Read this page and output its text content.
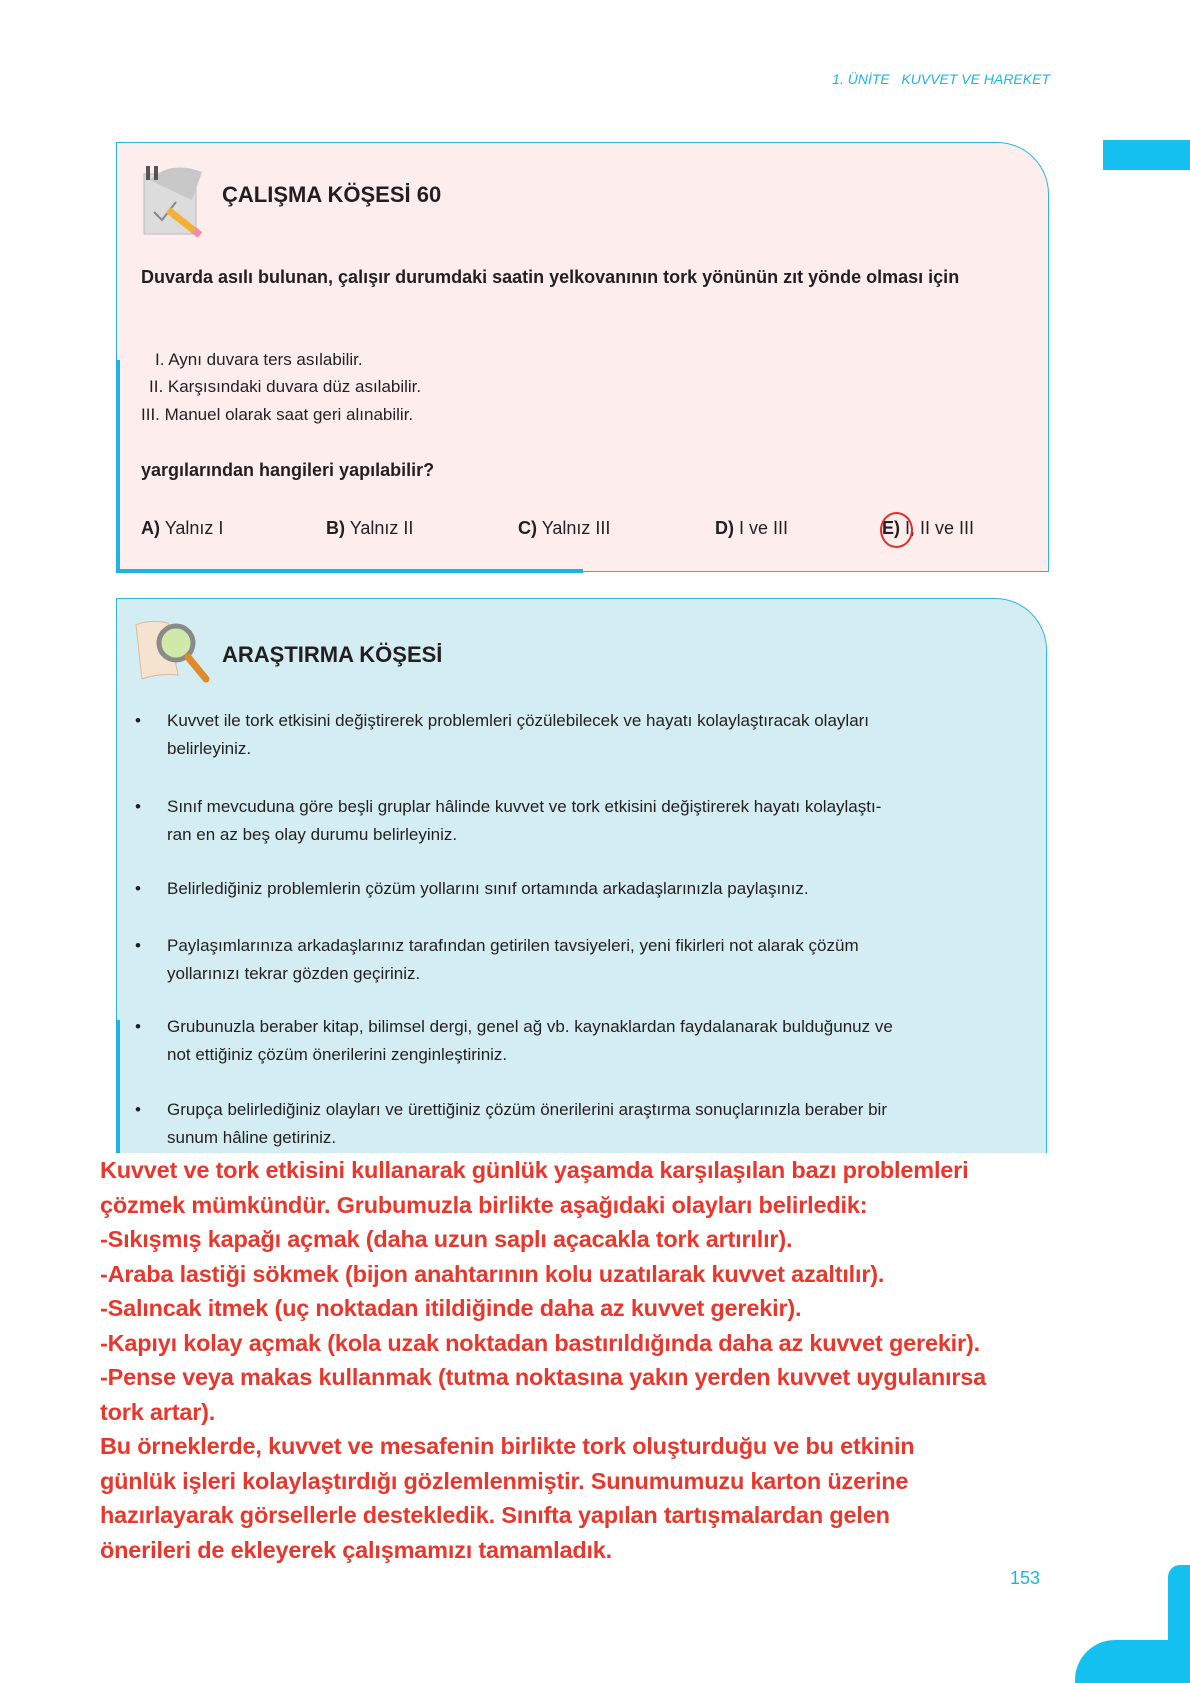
1. ÜNİTE KUVVET VE HAREKET
ÇALIŞMA KÖŞESİ 60
Duvarda asılı bulunan, çalışır durumdaki saatin yelkovanının tork yönünün zıt yönde olması için
I. Aynı duvara ters asılabilir.
II. Karşısındaki duvara düz asılabilir.
III. Manuel olarak saat geri alınabilir.
yargılarından hangileri yapılabilir?
A) Yalnız I	B) Yalnız II	C) Yalnız III	D) I ve III	E) I, II ve III
ARAŞTIRMA KÖŞESİ
• Kuvvet ile tork etkisini değiştirerek problemleri çözülebilecek ve hayatı kolaylaştıracak olayları
belirleyiniz.
• Sınıf mevcuduna göre beşli gruplar hâlinde kuvvet ve tork etkisini değiştirerek hayatı kolaylaştı-
ran en az beş olay durumu belirleyiniz.
• Belirlediğiniz problemlerin çözüm yollarını sınıf ortamında arkadaşlarınızla paylaşınız.
• Paylaşımlarınıza arkadaşlarınız tarafından getirilen tavsiyeleri, yeni fikirleri not alarak çözüm
yollarınızı tekrar gözden geçiriniz.
• Grubunuzla beraber kitap, bilimsel dergi, genel ağ vb. kaynaklardan faydalanarak bulduğunuz ve
not ettiğiniz çözüm önerilerini zenginleştiriniz.
• Grupça belirlediğiniz olayları ve ürettiğiniz çözüm önerilerini araştırma sonuçlarınızla beraber bir
sunum hâline getiriniz.
Kuvvet ve tork etkisini kullanarak günlük yaşamda karşılaşılan bazı problemleri
çözmek mümkündür. Grubumuzla birlikte aşağıdaki olayları belirledik:
-Sıkışmış kapağı açmak (daha uzun saplı açacakla tork artırılır).
-Araba lastiği sökmek (bijon anahtarının kolu uzatılarak kuvvet azaltılır).
-Salıncak itmek (uç noktadan itildiğinde daha az kuvvet gerekir).
-Kapıyı kolay açmak (kola uzak noktadan bastırıldığında daha az kuvvet gerekir).
-Pense veya makas kullanmak (tutma noktasına yakın yerden kuvvet uygulanırsa
tork artar).
Bu örneklerde, kuvvet ve mesafenin birlikte tork oluşturduğu ve bu etkinin
günlük işleri kolaylaştırdığı gözlemlenmiştir. Sunumumuzu karton üzerine
hazırlayarak görsellerle destekledik. Sınıfta yapılan tartışmalardan gelen
önerileri de ekleyerek çalışmamızı tamamladık.
153
